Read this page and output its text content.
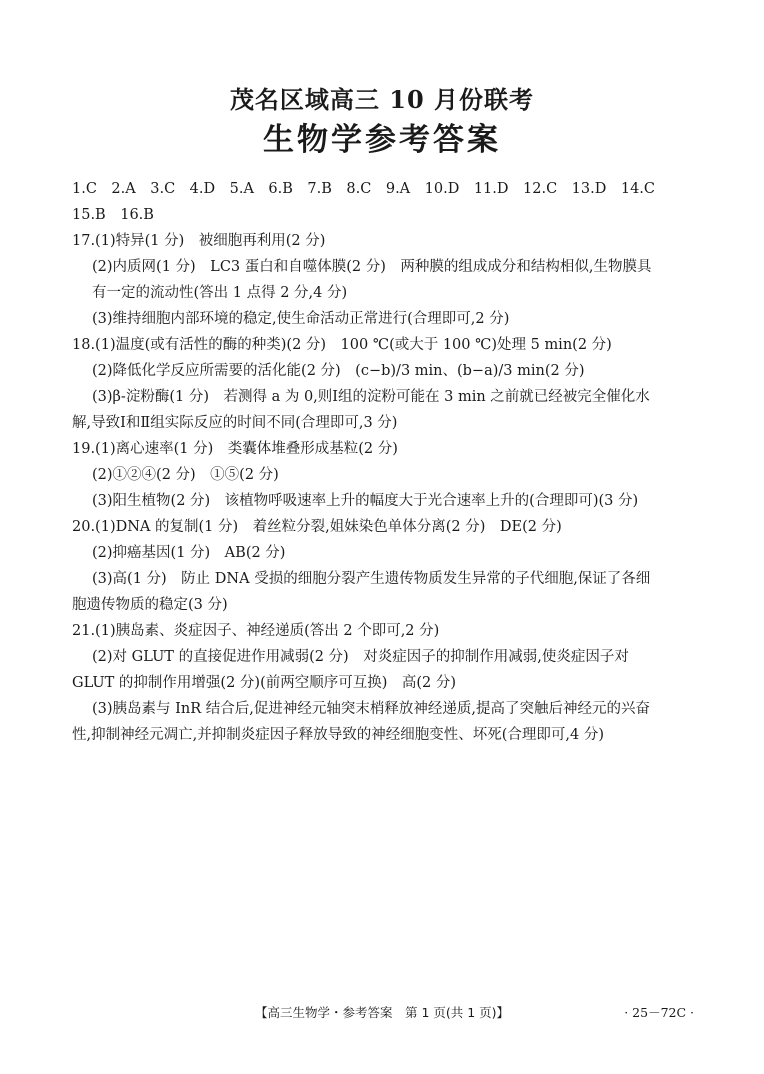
茂名区域高三 10 月份联考
生物学参考答案
1.C　2.A　3.C　4.D　5.A　6.B　7.B　8.C　9.A　10.D　11.D　12.C　13.D　14.C
15.B　16.B
17.(1)特异(1 分)　被细胞再利用(2 分)
(2)内质网(1 分)　LC3 蛋白和自噬体膜(2 分)　两种膜的组成成分和结构相似,生物膜具
有一定的流动性(答出 1 点得 2 分,4 分)
(3)维持细胞内部环境的稳定,使生命活动正常进行(合理即可,2 分)
18.(1)温度(或有活性的酶的种类)(2 分)　100 ℃(或大于 100 ℃)处理 5 min(2 分)
(2)降低化学反应所需要的活化能(2 分)　(c−b)/3 min、(b−a)/3 min(2 分)
(3)β-淀粉酶(1 分)　若测得 a 为 0,则Ⅰ组的淀粉可能在 3 min 之前就已经被完全催化水
解,导致Ⅰ和Ⅱ组实际反应的时间不同(合理即可,3 分)
19.(1)离心速率(1 分)　类囊体堆叠形成基粒(2 分)
(2)①②④(2 分)　①⑤(2 分)
(3)阳生植物(2 分)　该植物呼吸速率上升的幅度大于光合速率上升的(合理即可)(3 分)
20.(1)DNA 的复制(1 分)　着丝粒分裂,姐妹染色单体分离(2 分)　DE(2 分)
(2)抑癌基因(1 分)　AB(2 分)
(3)高(1 分)　防止 DNA 受损的细胞分裂产生遗传物质发生异常的子代细胞,保证了各细
胞遗传物质的稳定(3 分)
21.(1)胰岛素、炎症因子、神经递质(答出 2 个即可,2 分)
(2)对 GLUT 的直接促进作用减弱(2 分)　对炎症因子的抑制作用减弱,使炎症因子对
GLUT 的抑制作用增强(2 分)(前两空顺序可互换)　高(2 分)
(3)胰岛素与 InR 结合后,促进神经元轴突末梢释放神经递质,提高了突触后神经元的兴奋
性,抑制神经元凋亡,并抑制炎症因子释放导致的神经细胞变性、坏死(合理即可,4 分)
【高三生物学・参考答案　第 1 页(共 1 页)】	· 25－72C ·
